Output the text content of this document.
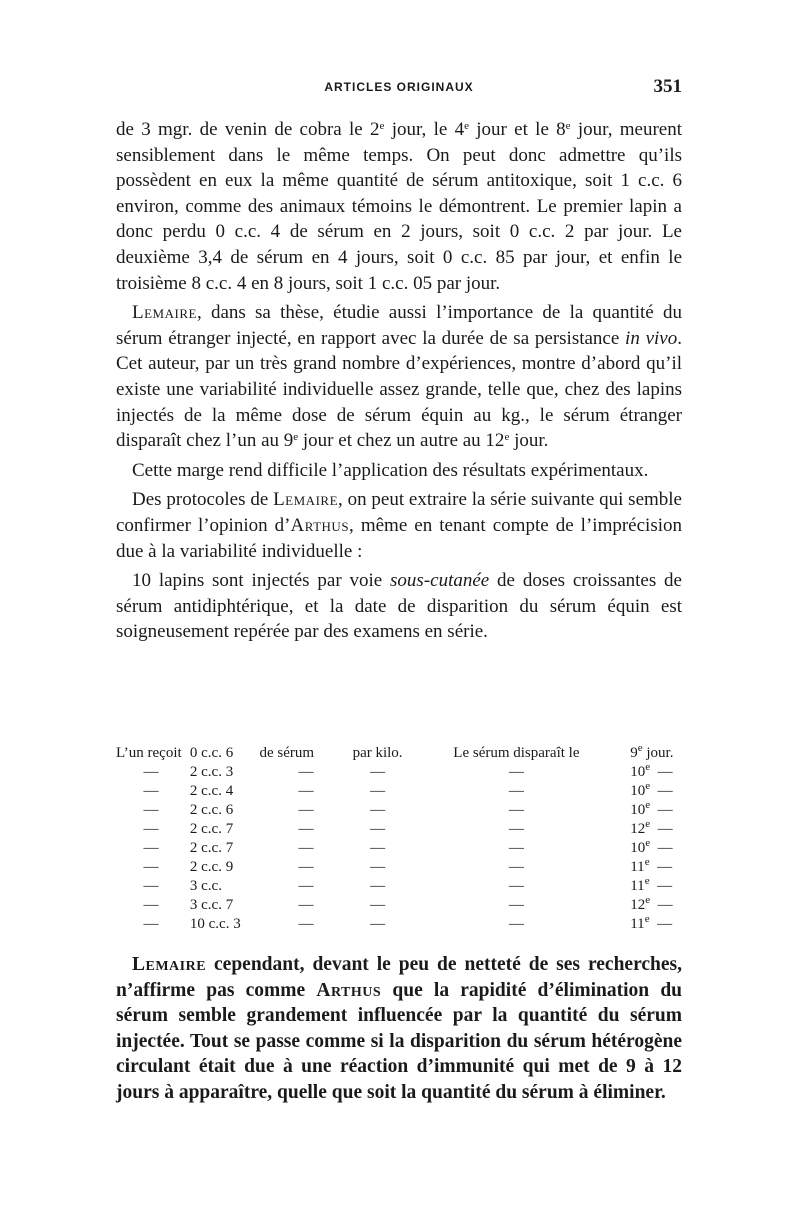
ARTICLES ORIGINAUX	351

de 3 mgr. de venin de cobra le 2e jour, le 4e jour et le 8e jour, meurent sensiblement dans le même temps. On peut donc admettre qu’ils possèdent en eux la même quantité de sérum antitoxique, soit 1 c.c. 6 environ, comme des animaux témoins le démontrent. Le premier lapin a donc perdu 0 c.c. 4 de sérum en 2 jours, soit 0 c.c. 2 par jour. Le deuxième 3,4 de sérum en 4 jours, soit 0 c.c. 85 par jour, et enfin le troisième 8 c.c. 4 en 8 jours, soit 1 c.c. 05 par jour.

Lemaire, dans sa thèse, étudie aussi l’importance de la quantité du sérum étranger injecté, en rapport avec la durée de sa persistance in vivo. Cet auteur, par un très grand nombre d’expériences, montre d’abord qu’il existe une variabilité individuelle assez grande, telle que, chez des lapins injectés de la même dose de sérum équin au kg., le sérum étranger disparaît chez l’un au 9e jour et chez un autre au 12e jour.

Cette marge rend difficile l’application des résultats expérimentaux.

Des protocoles de Lemaire, on peut extraire la série suivante qui semble confirmer l’opinion d’Arthus, même en tenant compte de l’imprécision due à la variabilité individuelle :

10 lapins sont injectés par voie sous-cutanée de doses croissantes de sérum antidiphtérique, et la date de disparition du sérum équin est soigneusement repérée par des examens en série.

L’un reçoit	0 c.c. 6	de sérum	par kilo.	Le sérum disparaît le	9e jour.
—	2 c.c. 3	—	—	—	10e —
—	2 c.c. 4	—	—	—	10e —
—	2 c.c. 6	—	—	—	10e —
—	2 c.c. 7	—	—	—	12e —
—	2 c.c. 7	—	—	—	10e —
—	2 c.c. 9	—	—	—	11e —
—	3 c.c.	—	—	—	11e —
—	3 c.c. 7	—	—	—	12e —
—	10 c.c. 3	—	—	—	11e —

Lemaire cependant, devant le peu de netteté de ses recherches, n’affirme pas comme Arthus que la rapidité d’élimination du sérum semble grandement influencée par la quantité du sérum injectée. Tout se passe comme si la disparition du sérum hétérogène circulant était due à une réaction d’immunité qui met de 9 à 12 jours à apparaître, quelle que soit la quantité du sérum à éliminer.
